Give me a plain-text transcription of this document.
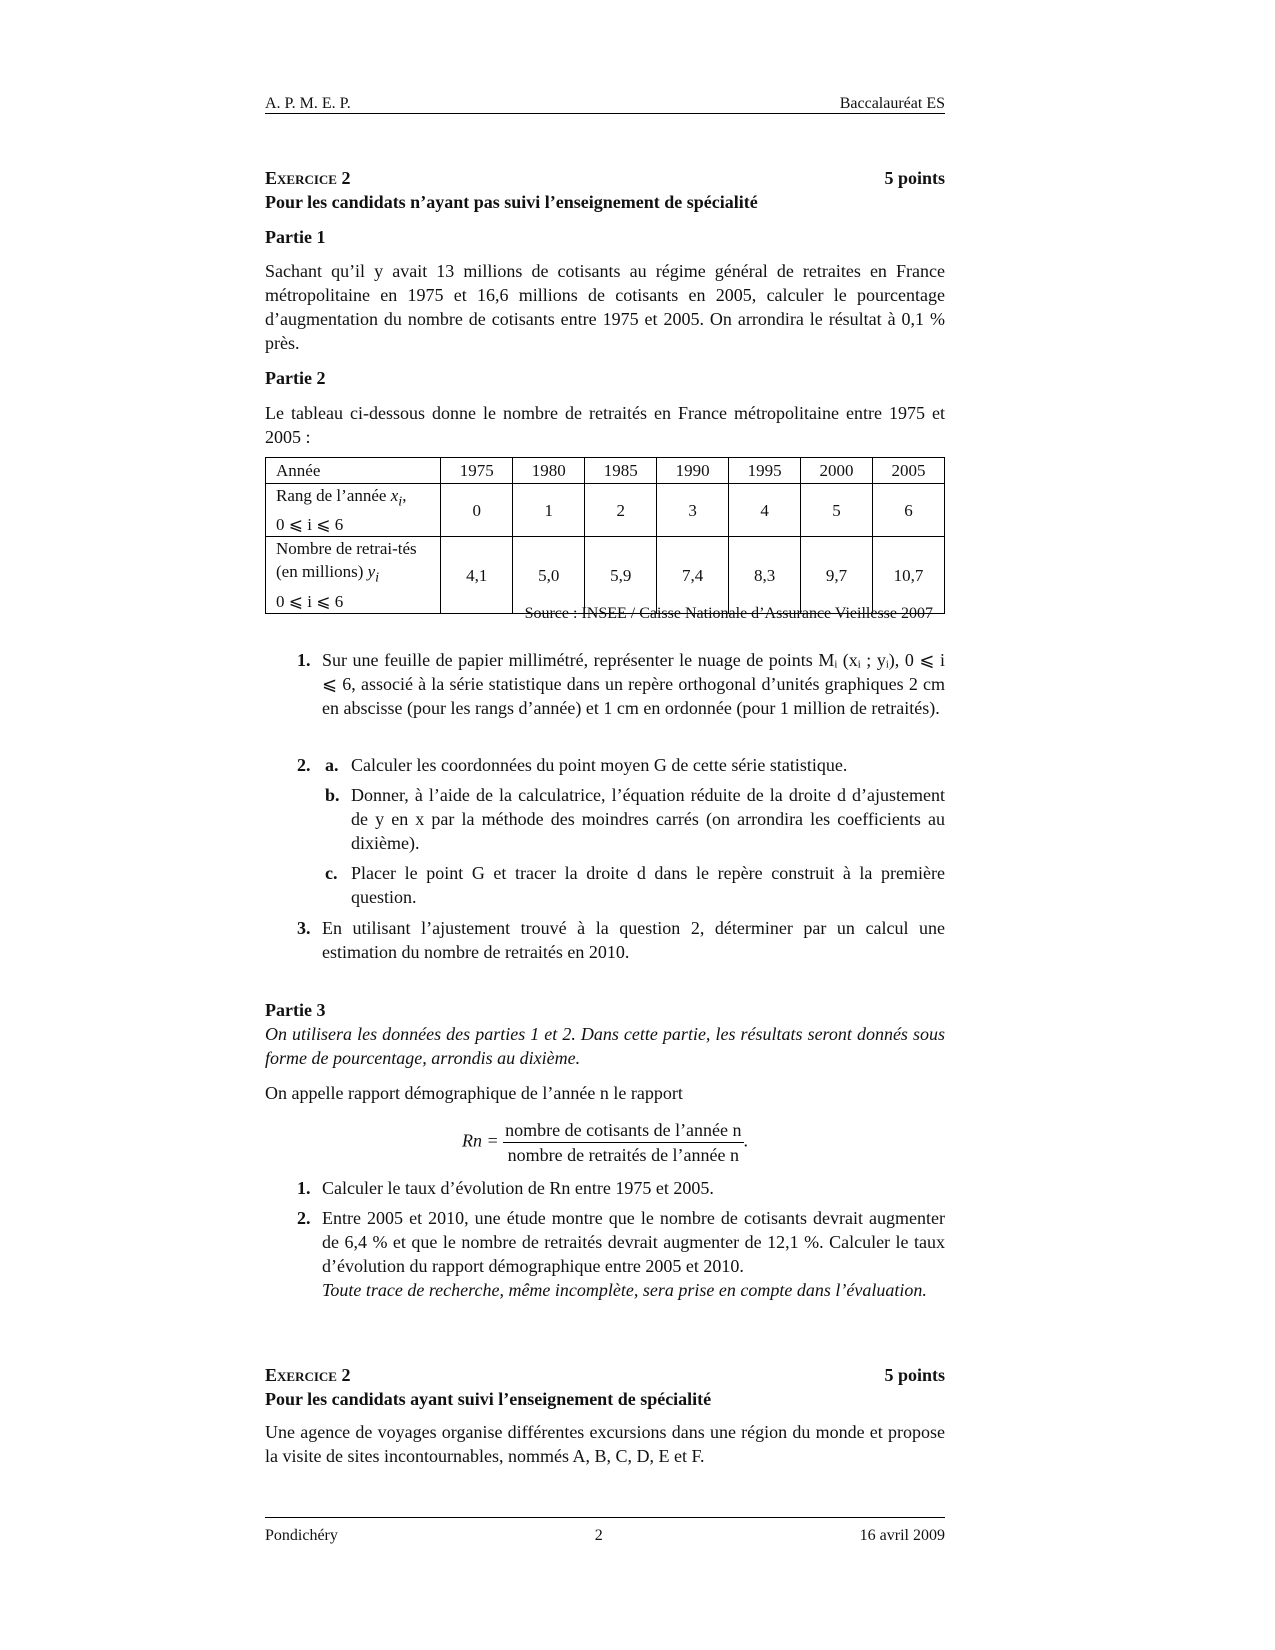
A. P. M. E. P.	Baccalauréat ES
Exercice 2	5 points
Pour les candidats n’ayant pas suivi l’enseignement de spécialité
Partie 1
Sachant qu’il y avait 13 millions de cotisants au régime général de retraites en France métropolitaine en 1975 et 16,6 millions de cotisants en 2005, calculer le pourcentage d’augmentation du nombre de cotisants entre 1975 et 2005. On arrondira le résultat à 0,1 % près.
Partie 2
Le tableau ci-dessous donne le nombre de retraités en France métropolitaine entre 1975 et 2005 :
Année	1975	1980	1985	1990	1995	2000	2005
Rang de l’année $x_i$,
0 ⩽ i ⩽ 6	0	1	2	3	4	5	6
Nombre de retrai-tés (en millions) $y_i$
0 ⩽ i ⩽ 6	4,1	5,0	5,9	7,4	8,3	9,7	10,7
Source : INSEE / Caisse Nationale d’Assurance Vieillesse 2007
1. Sur une feuille de papier millimétré, représenter le nuage de points Mᵢ (xᵢ ; yᵢ), 0 ⩽ i ⩽ 6, associé à la série statistique dans un repère orthogonal d’unités graphiques 2 cm en abscisse (pour les rangs d’année) et 1 cm en ordonnée (pour 1 million de retraités).
2. a. Calculer les coordonnées du point moyen G de cette série statistique.
b. Donner, à l’aide de la calculatrice, l’équation réduite de la droite d d’ajustement de y en x par la méthode des moindres carrés (on arrondira les coefficients au dixième).
c. Placer le point G et tracer la droite d dans le repère construit à la première question.
3. En utilisant l’ajustement trouvé à la question 2, déterminer par un calcul une estimation du nombre de retraités en 2010.
Partie 3
On utilisera les données des parties 1 et 2. Dans cette partie, les résultats seront donnés sous forme de pourcentage, arrondis au dixième.
On appelle rapport démographique de l’année n le rapport
$Rn = \frac{\text{nombre de cotisants de l’année n}}{\text{nombre de retraités de l’année n}}$ .
1. Calculer le taux d’évolution de Rn entre 1975 et 2005.
2. Entre 2005 et 2010, une étude montre que le nombre de cotisants devrait augmenter de 6,4 % et que le nombre de retraités devrait augmenter de 12,1 %. Calculer le taux d’évolution du rapport démographique entre 2005 et 2010.
Toute trace de recherche, même incomplète, sera prise en compte dans l’évaluation.
Exercice 2	5 points
Pour les candidats ayant suivi l’enseignement de spécialité
Une agence de voyages organise différentes excursions dans une région du monde et propose la visite de sites incontournables, nommés A, B, C, D, E et F.
Pondichéry	2	16 avril 2009
